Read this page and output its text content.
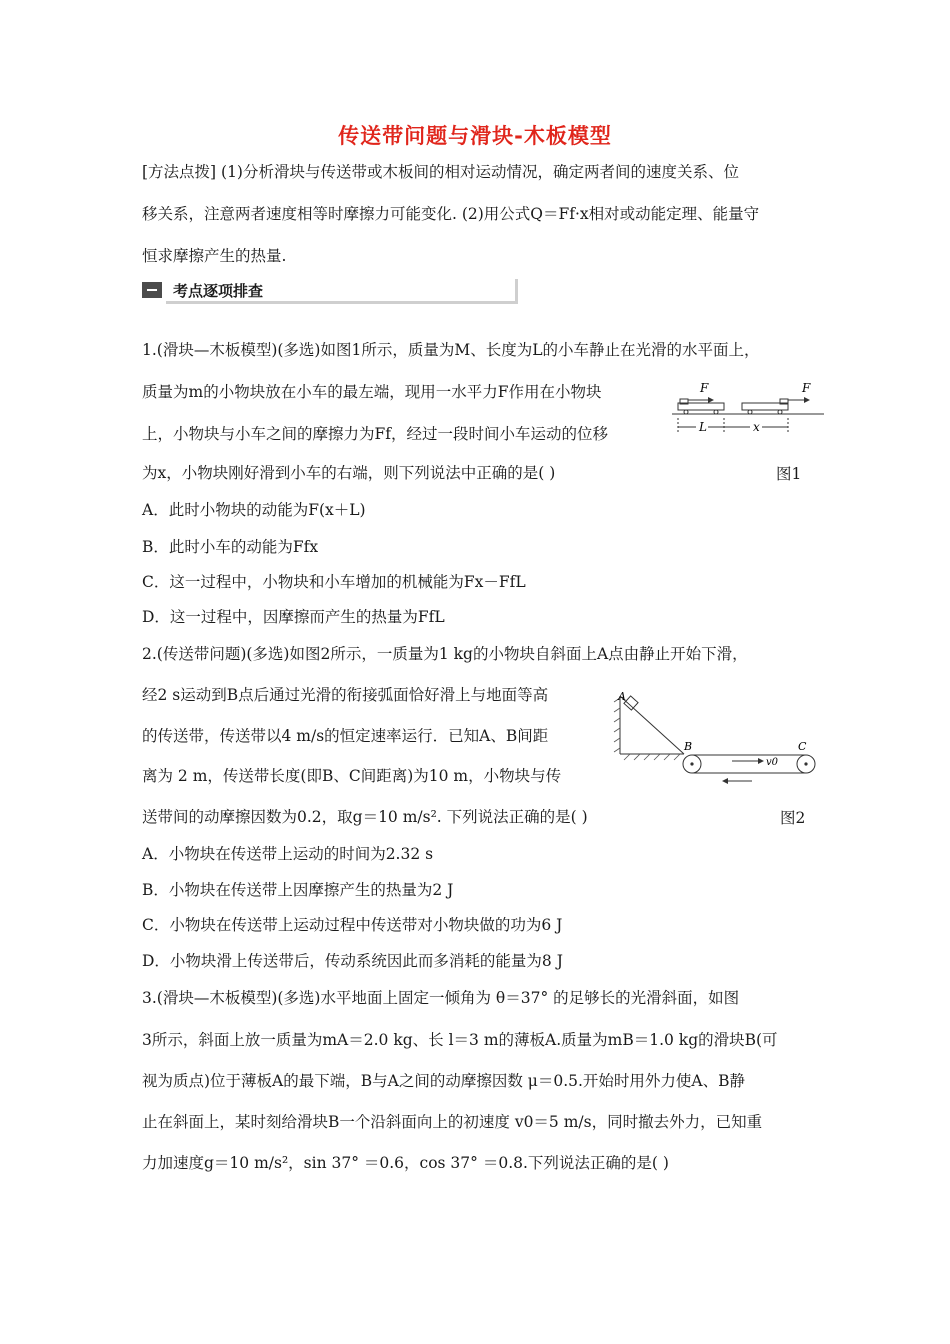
传送带问题与滑块-木板模型
[方法点拨] (1)分析滑块与传送带或木板间的相对运动情况，确定两者间的速度关系、位
移关系，注意两者速度相等时摩擦力可能变化. (2)用公式Q＝Ff·x相对或动能定理、能量守
恒求摩擦产生的热量.
考点逐项排查
1.(滑块—木板模型)(多选)如图1所示，质量为M、长度为L的小车静止在光滑的水平面上，
质量为m的小物块放在小车的最左端，现用一水平力F作用在小物块
上，小物块与小车之间的摩擦力为Ff，经过一段时间小车运动的位移
为x，小物块刚好滑到小车的右端，则下列说法中正确的是( )
F	F
L	x
图1
A．此时小物块的动能为F(x＋L)
B．此时小车的动能为Ffx
C．这一过程中，小物块和小车增加的机械能为Fx－FfL
D．这一过程中，因摩擦而产生的热量为FfL
2.(传送带问题)(多选)如图2所示，一质量为1 kg的小物块自斜面上A点由静止开始下滑，
经2 s运动到B点后通过光滑的衔接弧面恰好滑上与地面等高
的传送带，传送带以4 m/s的恒定速率运行．已知A、B间距
离为 2 m，传送带长度(即B、C间距离)为10 m，小物块与传
送带间的动摩擦因数为0.2，取g＝10 m/s². 下列说法正确的是( )
A
B	C
v0
图2
A．小物块在传送带上运动的时间为2.32 s
B．小物块在传送带上因摩擦产生的热量为2 J
C．小物块在传送带上运动过程中传送带对小物块做的功为6 J
D．小物块滑上传送带后，传动系统因此而多消耗的能量为8 J
3.(滑块—木板模型)(多选)水平地面上固定一倾角为 θ＝37° 的足够长的光滑斜面，如图
3所示，斜面上放一质量为mA＝2.0 kg、长 l＝3 m的薄板A.质量为mB＝1.0 kg的滑块B(可
视为质点)位于薄板A的最下端，B与A之间的动摩擦因数 μ＝0.5.开始时用外力使A、B静
止在斜面上，某时刻给滑块B一个沿斜面向上的初速度 v0＝5 m/s，同时撤去外力，已知重
力加速度g＝10 m/s²，sin 37° ＝0.6，cos 37° ＝0.8.下列说法正确的是( )
